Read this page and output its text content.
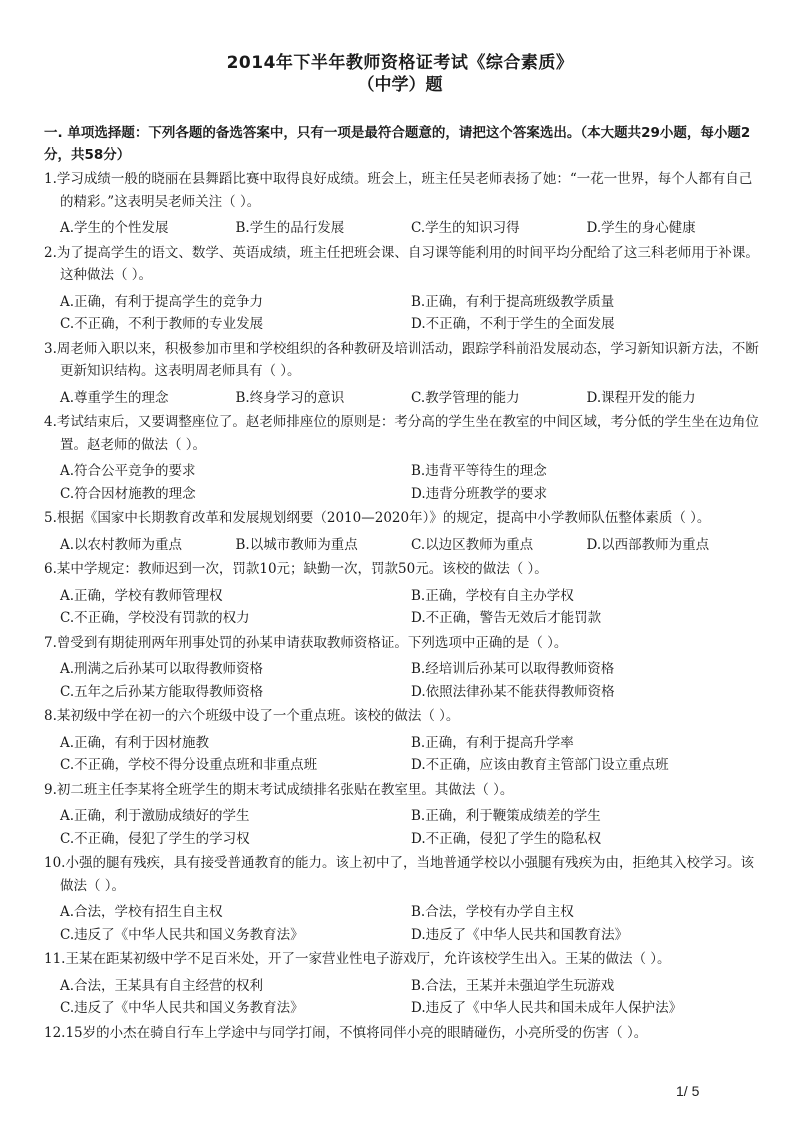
2014年下半年教师资格证考试《综合素质》
（中学）题
一. 单项选择题：下列各题的备选答案中，只有一项是最符合题意的，请把这个答案选出。（本大题共29小题，每小题2分，共58分）
1.学习成绩一般的晓丽在县舞蹈比赛中取得良好成绩。班会上，班主任吴老师表扬了她：“一花一世界，每个人都有自己的精彩。”这表明吴老师关注（ ）。
A.学生的个性发展	B.学生的品行发展	C.学生的知识习得	D.学生的身心健康
2.为了提高学生的语文、数学、英语成绩，班主任把班会课、自习课等能利用的时间平均分配给了这三科老师用于补课。这种做法（ ）。
A.正确，有利于提高学生的竞争力	B.正确，有利于提高班级教学质量
C.不正确，不利于教师的专业发展	D.不正确，不利于学生的全面发展
3.周老师入职以来，积极参加市里和学校组织的各种教研及培训活动，跟踪学科前沿发展动态，学习新知识新方法，不断更新知识结构。这表明周老师具有（ ）。
A.尊重学生的理念	B.终身学习的意识	C.教学管理的能力	D.课程开发的能力
4.考试结束后，又要调整座位了。赵老师排座位的原则是：考分高的学生坐在教室的中间区域，考分低的学生坐在边角位置。赵老师的做法（ ）。
A.符合公平竞争的要求	B.违背平等待生的理念
C.符合因材施教的理念	D.违背分班教学的要求
5.根据《国家中长期教育改革和发展规划纲要（2010—2020年）》的规定，提高中小学教师队伍整体素质（ ）。
A.以农村教师为重点	B.以城市教师为重点	C.以边区教师为重点	D.以西部教师为重点
6.某中学规定：教师迟到一次，罚款10元；缺勤一次，罚款50元。该校的做法（ ）。
A.正确，学校有教师管理权	B.正确，学校有自主办学权
C.不正确，学校没有罚款的权力	D.不正确，警告无效后才能罚款
7.曾受到有期徒刑两年刑事处罚的孙某申请获取教师资格证。下列选项中正确的是（ ）。
A.刑满之后孙某可以取得教师资格	B.经培训后孙某可以取得教师资格
C.五年之后孙某方能取得教师资格	D.依照法律孙某不能获得教师资格
8.某初级中学在初一的六个班级中设了一个重点班。该校的做法（ ）。
A.正确，有利于因材施教	B.正确，有利于提高升学率
C.不正确，学校不得分设重点班和非重点班	D.不正确，应该由教育主管部门设立重点班
9.初二班主任李某将全班学生的期末考试成绩排名张贴在教室里。其做法（ ）。
A.正确，利于激励成绩好的学生	B.正确，利于鞭策成绩差的学生
C.不正确，侵犯了学生的学习权	D.不正确，侵犯了学生的隐私权
10.小强的腿有残疾，具有接受普通教育的能力。该上初中了，当地普通学校以小强腿有残疾为由，拒绝其入校学习。该做法（ ）。
A.合法，学校有招生自主权	B.合法，学校有办学自主权
C.违反了《中华人民共和国义务教育法》	D.违反了《中华人民共和国教育法》
11.王某在距某初级中学不足百米处，开了一家营业性电子游戏厅，允许该校学生出入。王某的做法（ ）。
A.合法，王某具有自主经营的权利	B.合法，王某并未强迫学生玩游戏
C.违反了《中华人民共和国义务教育法》	D.违反了《中华人民共和国未成年人保护法》
12.15岁的小杰在骑自行车上学途中与同学打闹，不慎将同伴小亮的眼睛碰伤，小亮所受的伤害（ ）。
1/ 5
